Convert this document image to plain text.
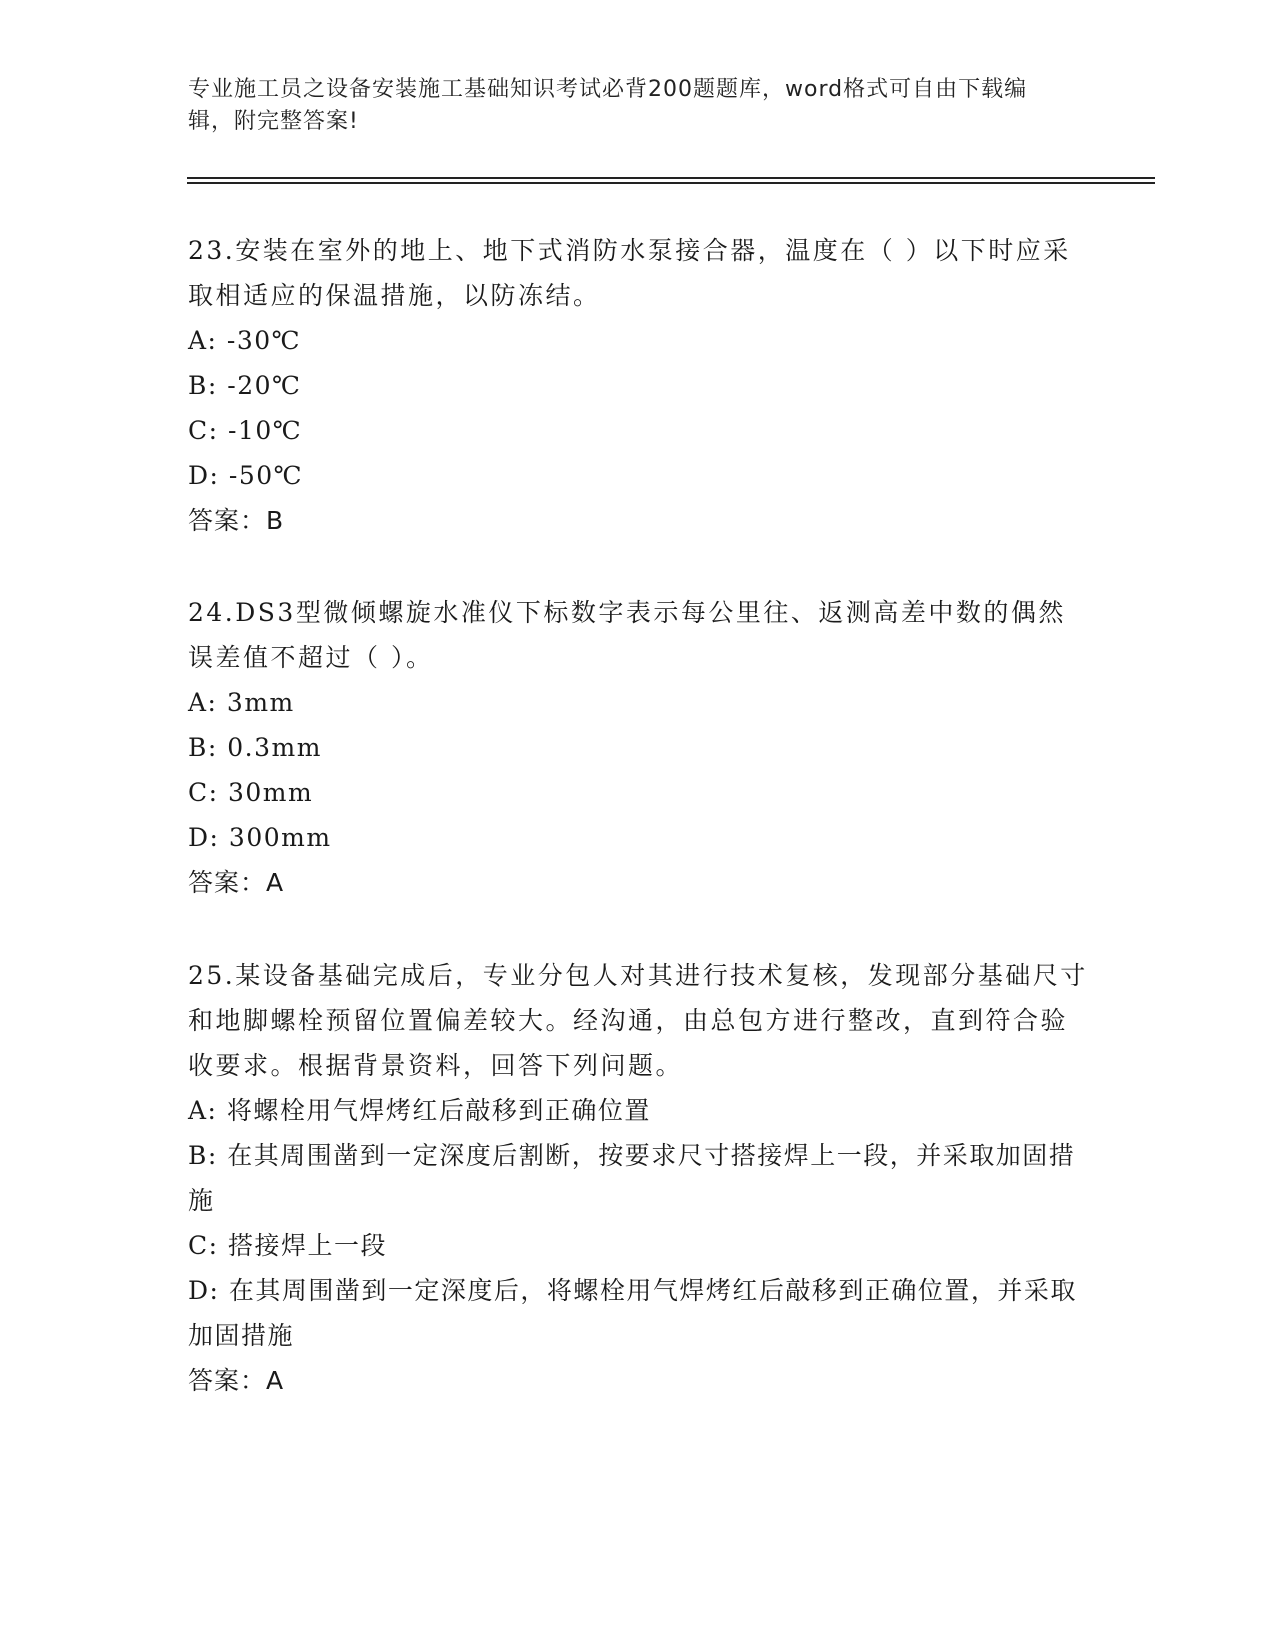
专业施工员之设备安装施工基础知识考试必背200题题库，word格式可自由下载编辑，附完整答案!

23.安装在室外的地上、地下式消防水泵接合器，温度在（ ）以下时应采取相适应的保温措施，以防冻结。

A: -30℃

B: -20℃

C: -10℃

D: -50℃

答案：B

24.DS3型微倾螺旋水准仪下标数字表示每公里往、返测高差中数的偶然误差值不超过（ ）。

A: 3mm

B: 0.3mm

C: 30mm

D: 300mm

答案：A

25.某设备基础完成后，专业分包人对其进行技术复核，发现部分基础尺寸和地脚螺栓预留位置偏差较大。经沟通，由总包方进行整改，直到符合验收要求。根据背景资料，回答下列问题。

A: 将螺栓用气焊烤红后敲移到正确位置

B: 在其周围凿到一定深度后割断，按要求尺寸搭接焊上一段，并采取加固措施

C: 搭接焊上一段

D: 在其周围凿到一定深度后，将螺栓用气焊烤红后敲移到正确位置，并采取加固措施

答案：A
